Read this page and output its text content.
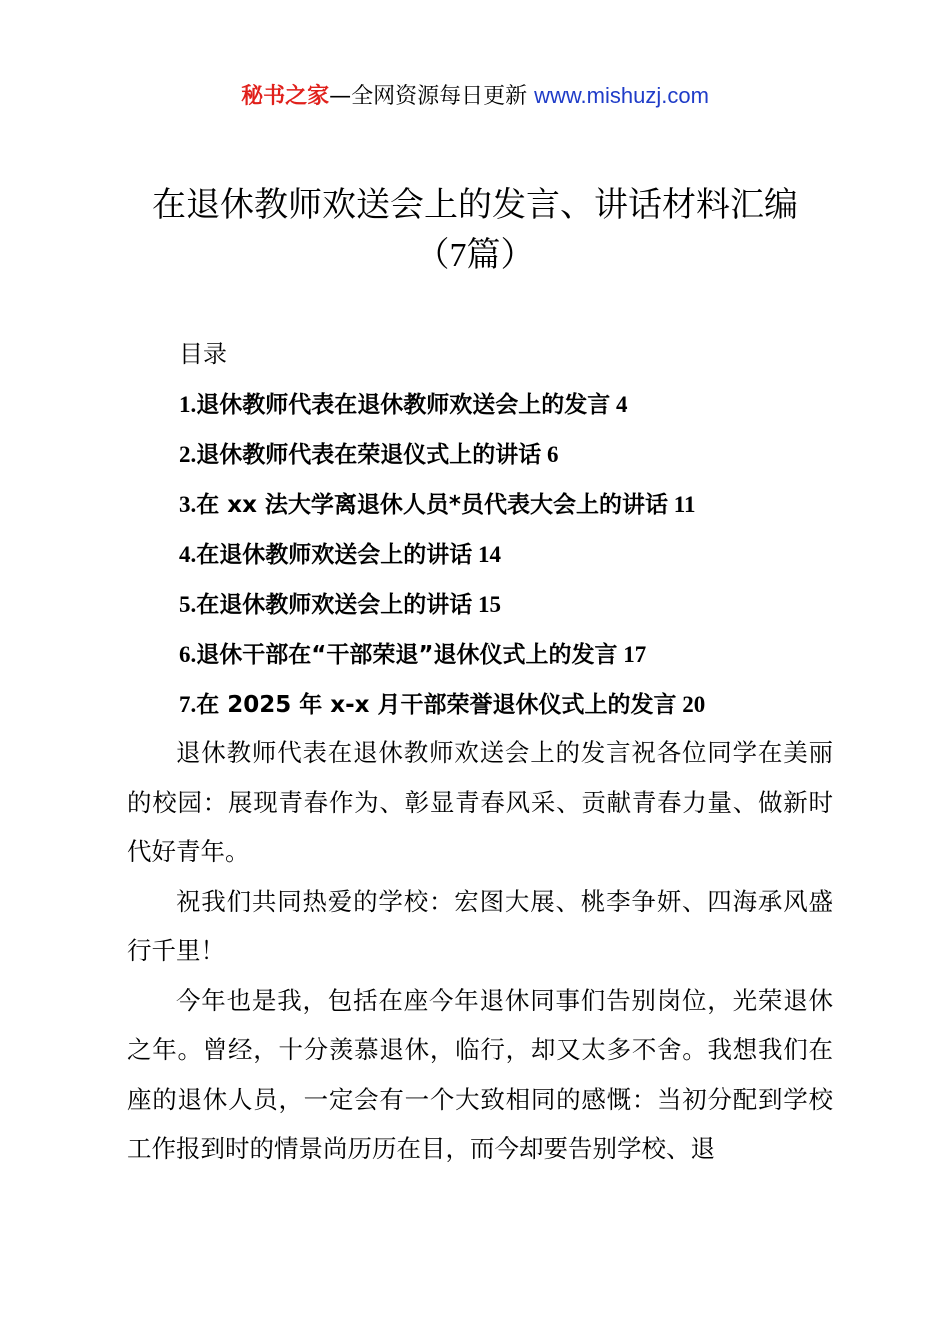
秘书之家—全网资源每日更新 www.mishuzj.com
在退休教师欢送会上的发言、讲话材料汇编
（7篇）
目录
1.退休教师代表在退休教师欢送会上的发言 4
2.退休教师代表在荣退仪式上的讲话 6
3.在 xx 法大学离退休人员*员代表大会上的讲话 11
4.在退休教师欢送会上的讲话 14
5.在退休教师欢送会上的讲话 15
6.退休干部在“干部荣退”退休仪式上的发言 17
7.在 2025 年 x-x 月干部荣誉退休仪式上的发言 20

退休教师代表在退休教师欢送会上的发言祝各位同学在美丽的校园：展现青春作为、彰显青春风采、贡献青春力量、做新时代好青年。

祝我们共同热爱的学校：宏图大展、桃李争妍、四海承风盛行千里！

今年也是我，包括在座今年退休同事们告别岗位，光荣退休之年。曾经，十分羡慕退休，临行，却又太多不舍。我想我们在座的退休人员，一定会有一个大致相同的感慨：当初分配到学校工作报到时的情景尚历历在目，而今却要告别学校、退
